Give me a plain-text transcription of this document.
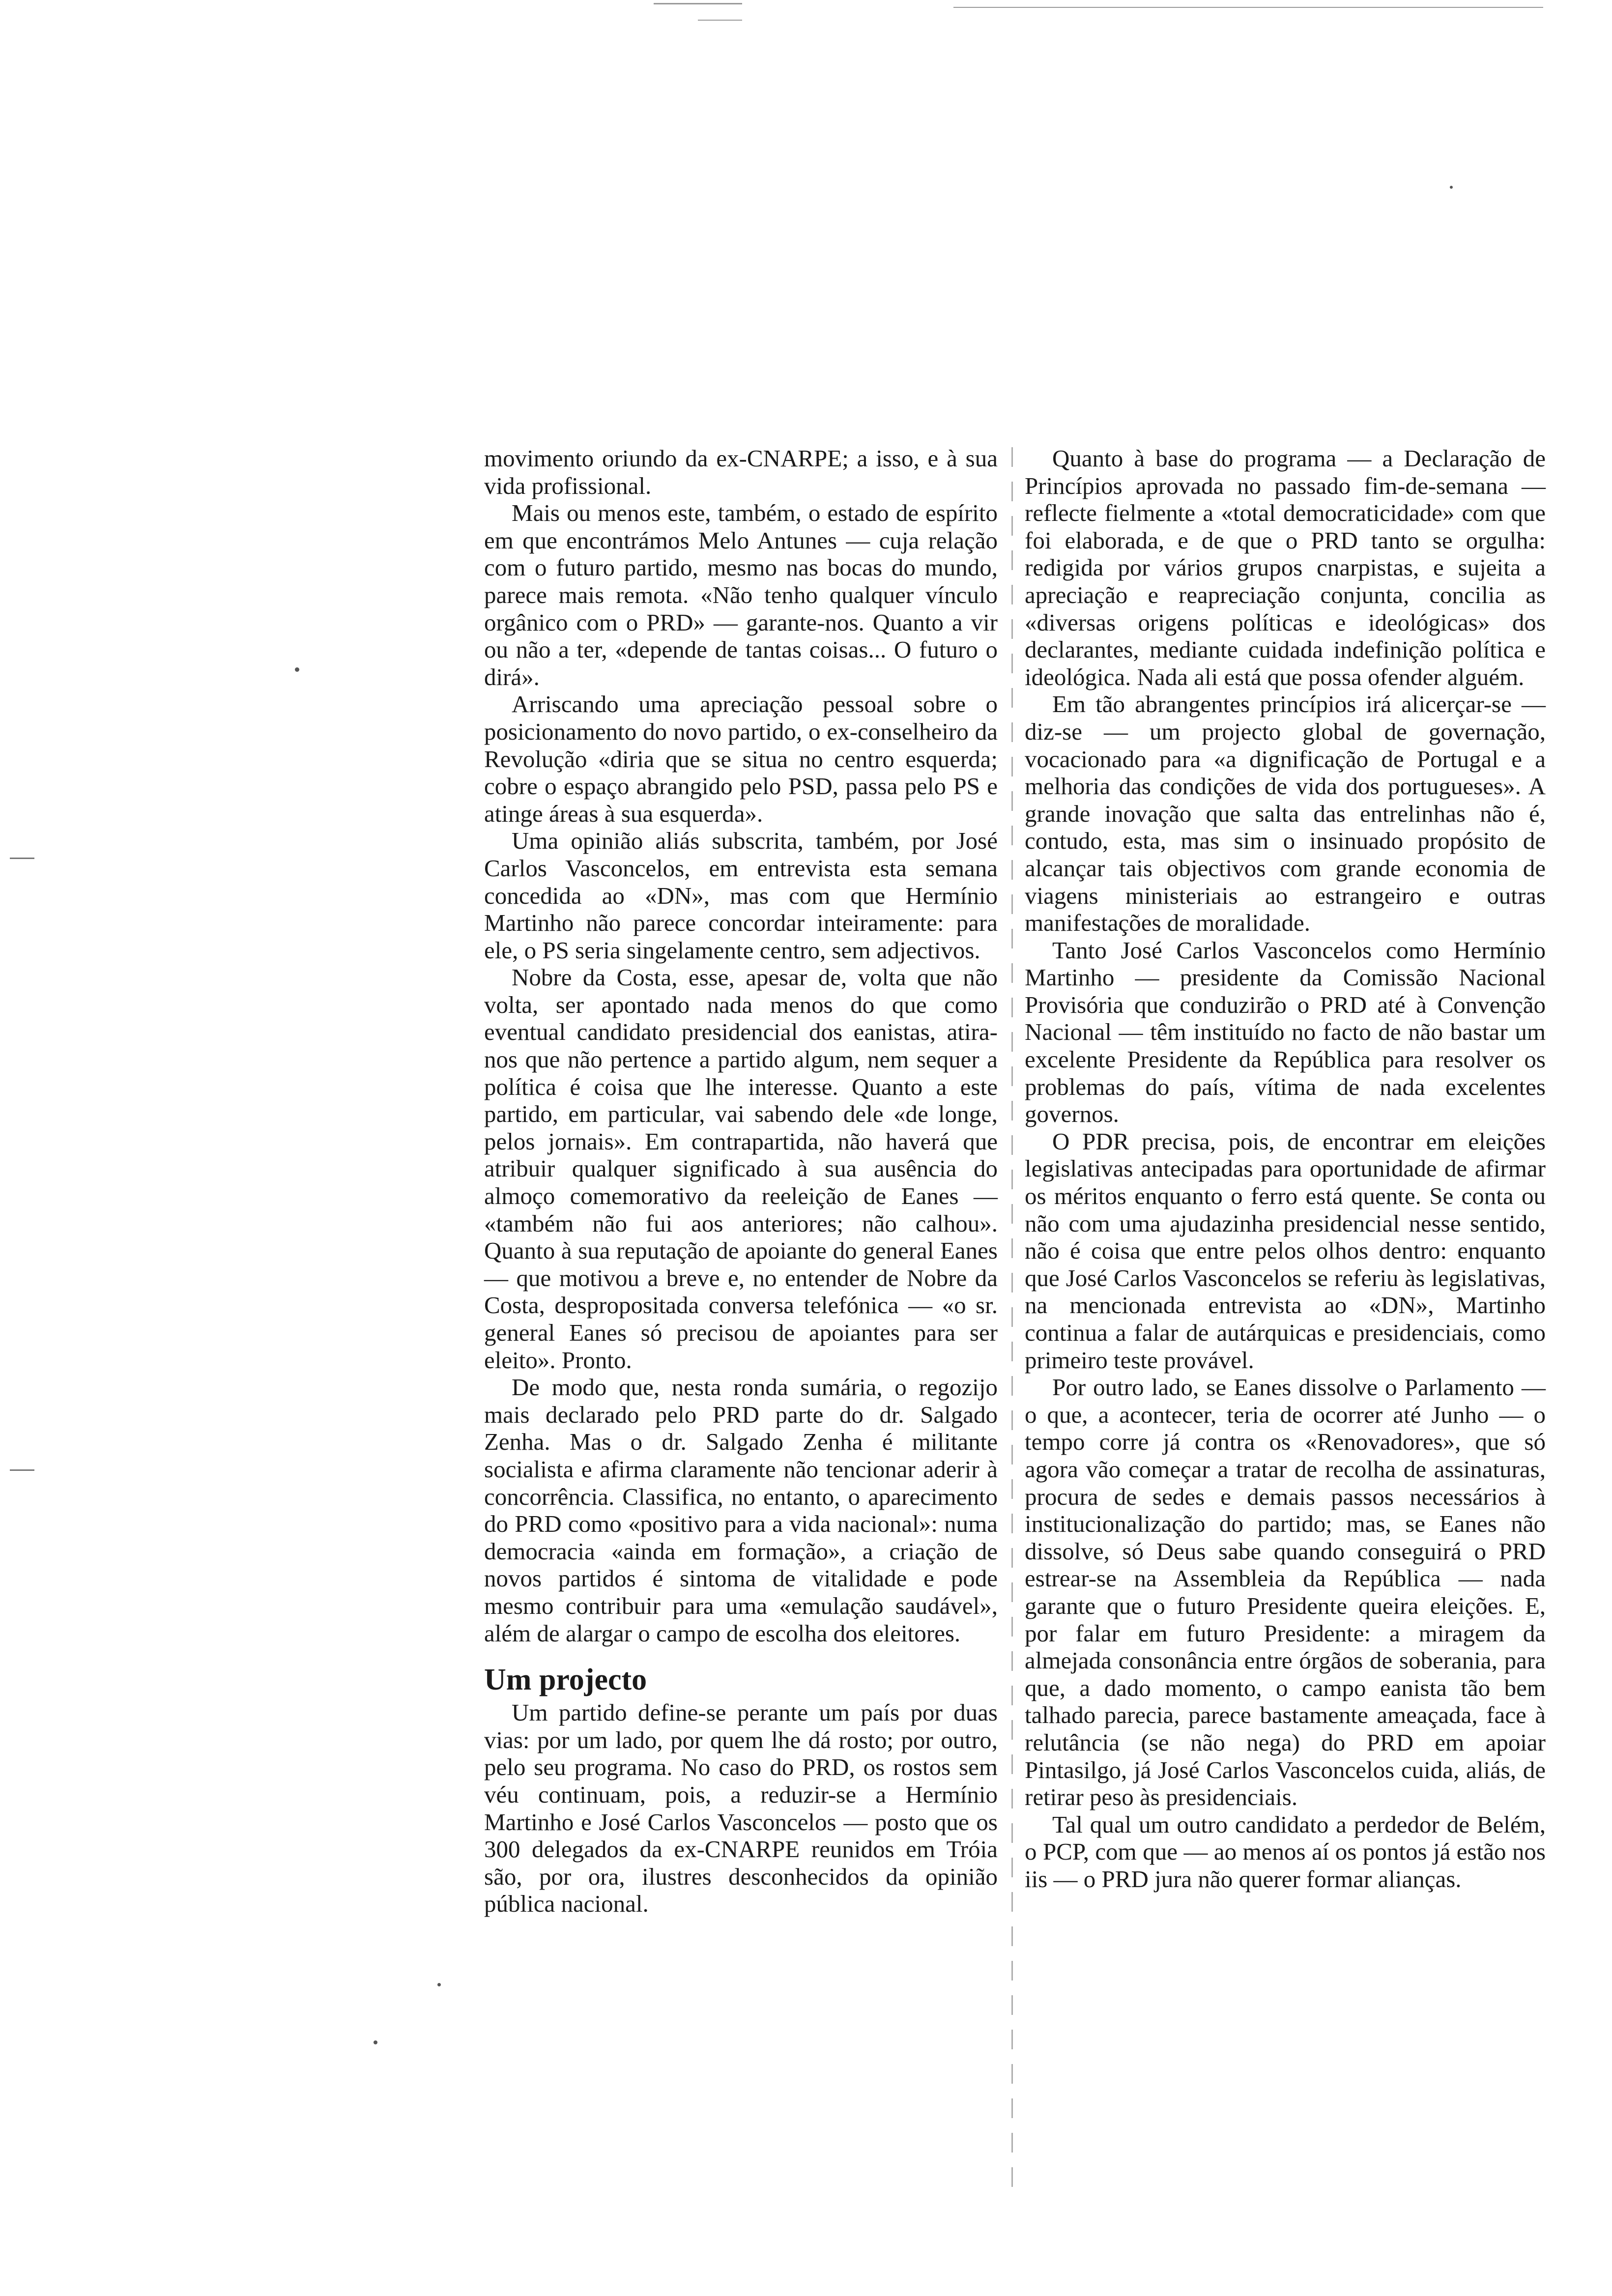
movimento oriundo da ex-CNARPE; a isso, e à sua vida profissional.

Mais ou menos este, também, o estado de espírito em que encontrámos Melo Antunes — cuja relação com o futuro partido, mesmo nas bocas do mundo, parece mais remota. «Não tenho qualquer vínculo orgânico com o PRD» — garante-nos. Quanto a vir ou não a ter, «depende de tantas coisas... O futuro o dirá».

Arriscando uma apreciação pessoal sobre o posicionamento do novo partido, o ex-conselheiro da Revolução «diria que se situa no centro esquerda; cobre o espaço abrangido pelo PSD, passa pelo PS e atinge áreas à sua esquerda».

Uma opinião aliás subscrita, também, por José Carlos Vasconcelos, em entrevista esta semana concedida ao «DN», mas com que Hermínio Martinho não parece concordar inteiramente: para ele, o PS seria singelamente centro, sem adjectivos.

Nobre da Costa, esse, apesar de, volta que não volta, ser apontado nada menos do que como eventual candidato presidencial dos eanistas, atira-nos que não pertence a partido algum, nem sequer a política é coisa que lhe interesse. Quanto a este partido, em particular, vai sabendo dele «de longe, pelos jornais». Em contrapartida, não haverá que atribuir qualquer significado à sua ausência do almoço comemorativo da reeleição de Eanes — «também não fui aos anteriores; não calhou». Quanto à sua reputação de apoiante do general Eanes — que motivou a breve e, no entender de Nobre da Costa, despropositada conversa telefónica — «o sr. general Eanes só precisou de apoiantes para ser eleito». Pronto.

De modo que, nesta ronda sumária, o regozijo mais declarado pelo PRD parte do dr. Salgado Zenha. Mas o dr. Salgado Zenha é militante socialista e afirma claramente não tencionar aderir à concorrência. Classifica, no entanto, o aparecimento do PRD como «positivo para a vida nacional»: numa democracia «ainda em formação», a criação de novos partidos é sintoma de vitalidade e pode mesmo contribuir para uma «emulação saudável», além de alargar o campo de escolha dos eleitores.

Um projecto

Um partido define-se perante um país por duas vias: por um lado, por quem lhe dá rosto; por outro, pelo seu programa. No caso do PRD, os rostos sem véu continuam, pois, a reduzir-se a Hermínio Martinho e José Carlos Vasconcelos — posto que os 300 delegados da ex-CNARPE reunidos em Tróia são, por ora, ilustres desconhecidos da opinião pública nacional.

Quanto à base do programa — a Declaração de Princípios aprovada no passado fim-de-semana — reflecte fielmente a «total democraticidade» com que foi elaborada, e de que o PRD tanto se orgulha: redigida por vários grupos cnarpistas, e sujeita a apreciação e reapreciação conjunta, concilia as «diversas origens políticas e ideológicas» dos declarantes, mediante cuidada indefinição política e ideológica. Nada ali está que possa ofender alguém.

Em tão abrangentes princípios irá alicerçar-se — diz-se — um projecto global de governação, vocacionado para «a dignificação de Portugal e a melhoria das condições de vida dos portugueses». A grande inovação que salta das entrelinhas não é, contudo, esta, mas sim o insinuado propósito de alcançar tais objectivos com grande economia de viagens ministeriais ao estrangeiro e outras manifestações de moralidade.

Tanto José Carlos Vasconcelos como Hermínio Martinho — presidente da Comissão Nacional Provisória que conduzirão o PRD até à Convenção Nacional — têm instituído no facto de não bastar um excelente Presidente da República para resolver os problemas do país, vítima de nada excelentes governos.

O PDR precisa, pois, de encontrar em eleições legislativas antecipadas para oportunidade de afirmar os méritos enquanto o ferro está quente. Se conta ou não com uma ajudazinha presidencial nesse sentido, não é coisa que entre pelos olhos dentro: enquanto que José Carlos Vasconcelos se referiu às legislativas, na mencionada entrevista ao «DN», Martinho continua a falar de autárquicas e presidenciais, como primeiro teste provável.

Por outro lado, se Eanes dissolve o Parlamento — o que, a acontecer, teria de ocorrer até Junho — o tempo corre já contra os «Renovadores», que só agora vão começar a tratar de recolha de assinaturas, procura de sedes e demais passos necessários à institucionalização do partido; mas, se Eanes não dissolve, só Deus sabe quando conseguirá o PRD estrear-se na Assembleia da República — nada garante que o futuro Presidente queira eleições. E, por falar em futuro Presidente: a miragem da almejada consonância entre órgãos de soberania, para que, a dado momento, o campo eanista tão bem talhado parecia, parece bastamente ameaçada, face à relutância (se não nega) do PRD em apoiar Pintasilgo, já José Carlos Vasconcelos cuida, aliás, de retirar peso às presidenciais.

Tal qual um outro candidato a perdedor de Belém, o PCP, com que — ao menos aí os pontos já estão nos iis — o PRD jura não querer formar alianças.
